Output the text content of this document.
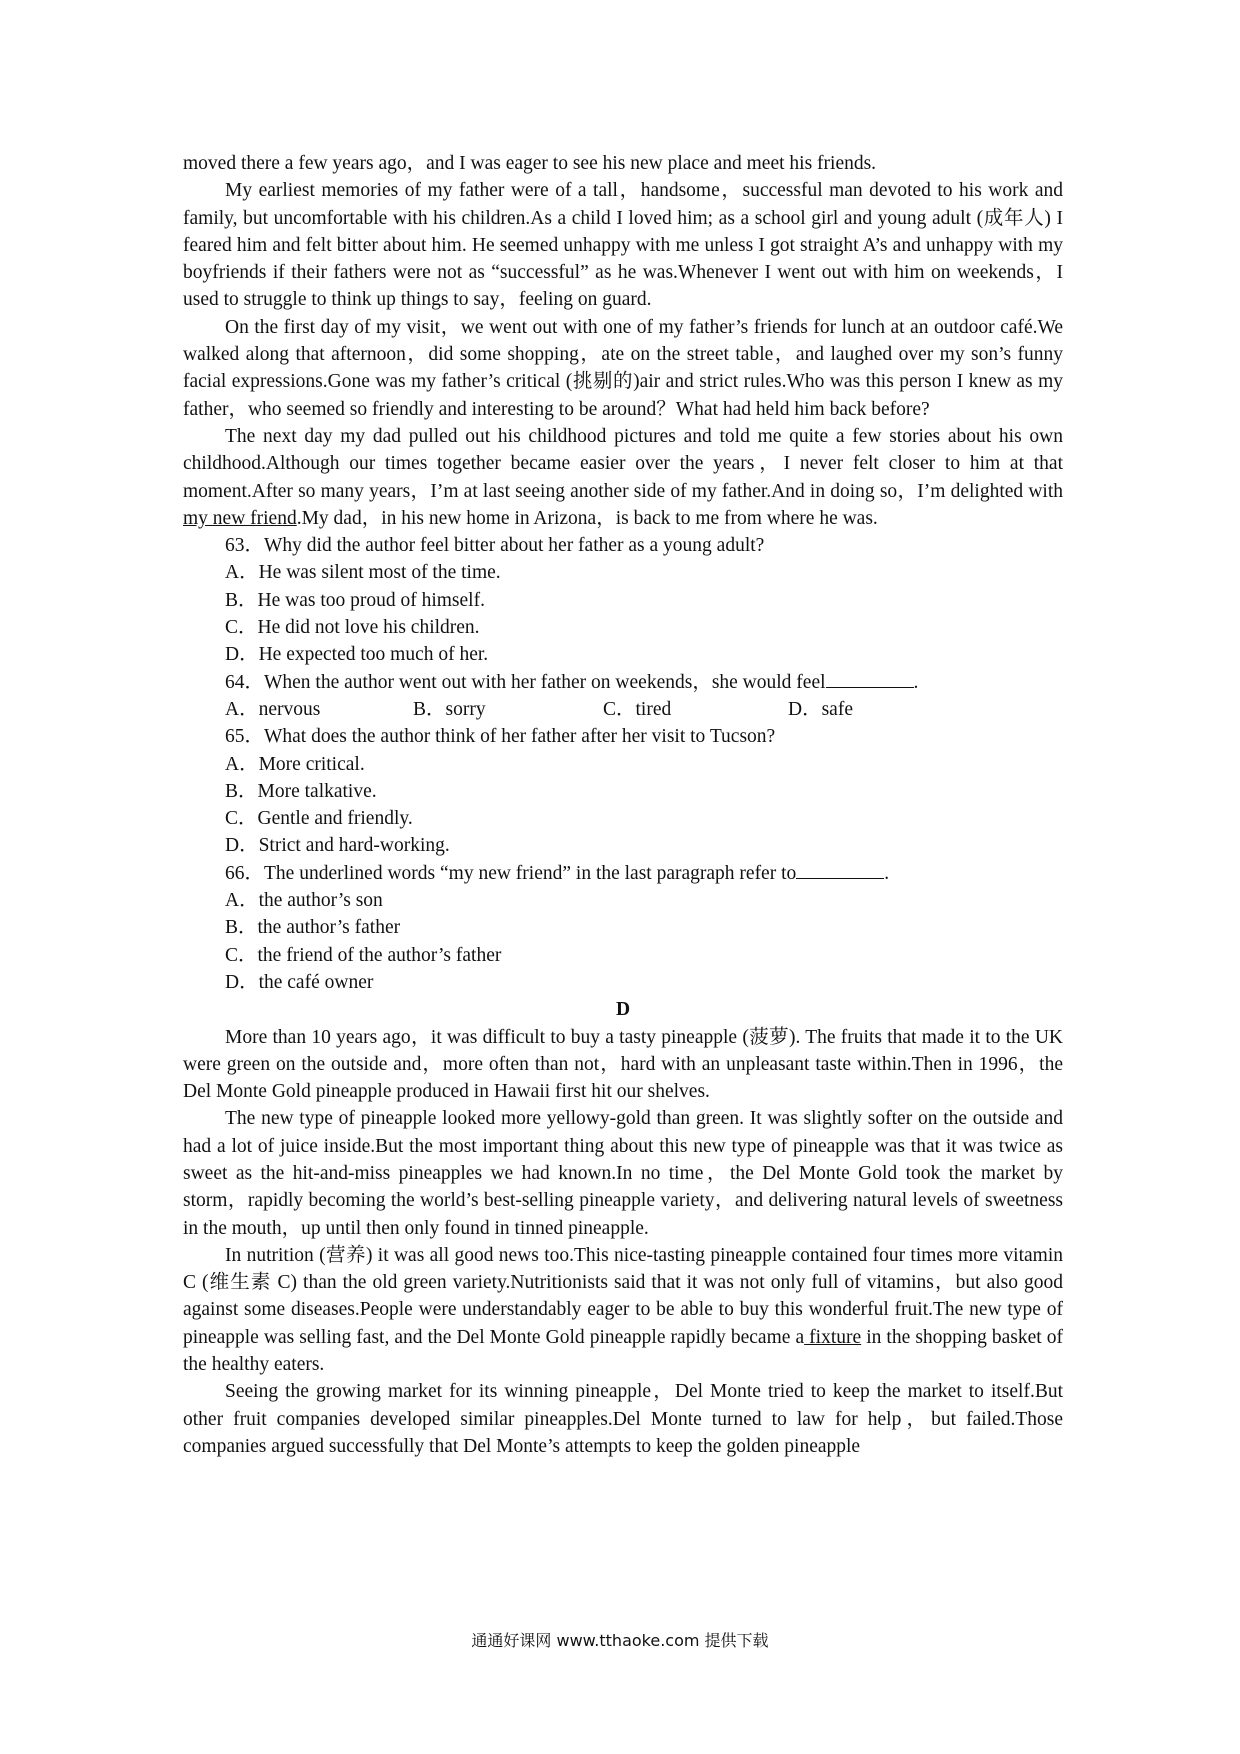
moved there a few years ago，and I was eager to see his new place and meet his friends.

My earliest memories of my father were of a tall，handsome，successful man devoted to his work and family, but uncomfortable with his children.As a child I loved him; as a school girl and young adult (成年人) I feared him and felt bitter about him. He seemed unhappy with me unless I got straight A’s and unhappy with my boyfriends if their fathers were not as “successful” as he was.Whenever I went out with him on weekends，I used to struggle to think up things to say，feeling on guard.

On the first day of my visit，we went out with one of my father’s friends for lunch at an outdoor café.We walked along that afternoon，did some shopping，ate on the street table，and laughed over my son’s funny facial expressions.Gone was my father’s critical (挑剔的)air and strict rules.Who was this person I knew as my father，who seemed so friendly and interesting to be around？What had held him back before?

The next day my dad pulled out his childhood pictures and told me quite a few stories about his own childhood.Although our times together became easier over the years，I never felt closer to him at that moment.After so many years，I’m at last seeing another side of my father.And in doing so，I’m delighted with my new friend.My dad，in his new home in Arizona，is back to me from where he was.

63．Why did the author feel bitter about her father as a young adult?

A．He was silent most of the time.

B．He was too proud of himself.

C．He did not love his children.

D．He expected too much of her.

64．When the author went out with her father on weekends，she would feel	.

A．nervous	B．sorry	C．tired	D．safe

65．What does the author think of her father after her visit to Tucson?

A．More critical.

B．More talkative.

C．Gentle and friendly.

D．Strict and hard-working.

66．The underlined words “my new friend” in the last paragraph refer to	.

A．the author’s son

B．the author’s father

C．the friend of the author’s father

D．the café owner

D

More than 10 years ago，it was difficult to buy a tasty pineapple (菠萝). The fruits that made it to the UK were green on the outside and，more often than not，hard with an unpleasant taste within.Then in 1996，the Del Monte Gold pineapple produced in Hawaii first hit our shelves.

The new type of pineapple looked more yellowy-gold than green. It was slightly softer on the outside and had a lot of juice inside.But the most important thing about this new type of pineapple was that it was twice as sweet as the hit-and-miss pineapples we had known.In no time，the Del Monte Gold took the market by storm，rapidly becoming the world’s best-selling pineapple variety，and delivering natural levels of sweetness in the mouth，up until then only found in tinned pineapple.

In nutrition (营养) it was all good news too.This nice-tasting pineapple contained four times more vitamin C (维生素 C) than the old green variety.Nutritionists said that it was not only full of vitamins，but also good against some diseases.People were understandably eager to be able to buy this wonderful fruit.The new type of pineapple was selling fast, and the Del Monte Gold pineapple rapidly became a fixture in the shopping basket of the healthy eaters.

Seeing the growing market for its winning pineapple，Del Monte tried to keep the market to itself.But other fruit companies developed similar pineapples.Del Monte turned to law for help，but failed.Those companies argued successfully that Del Monte’s attempts to keep the golden pineapple

通通好课网 www.tthaoke.com 提供下载
